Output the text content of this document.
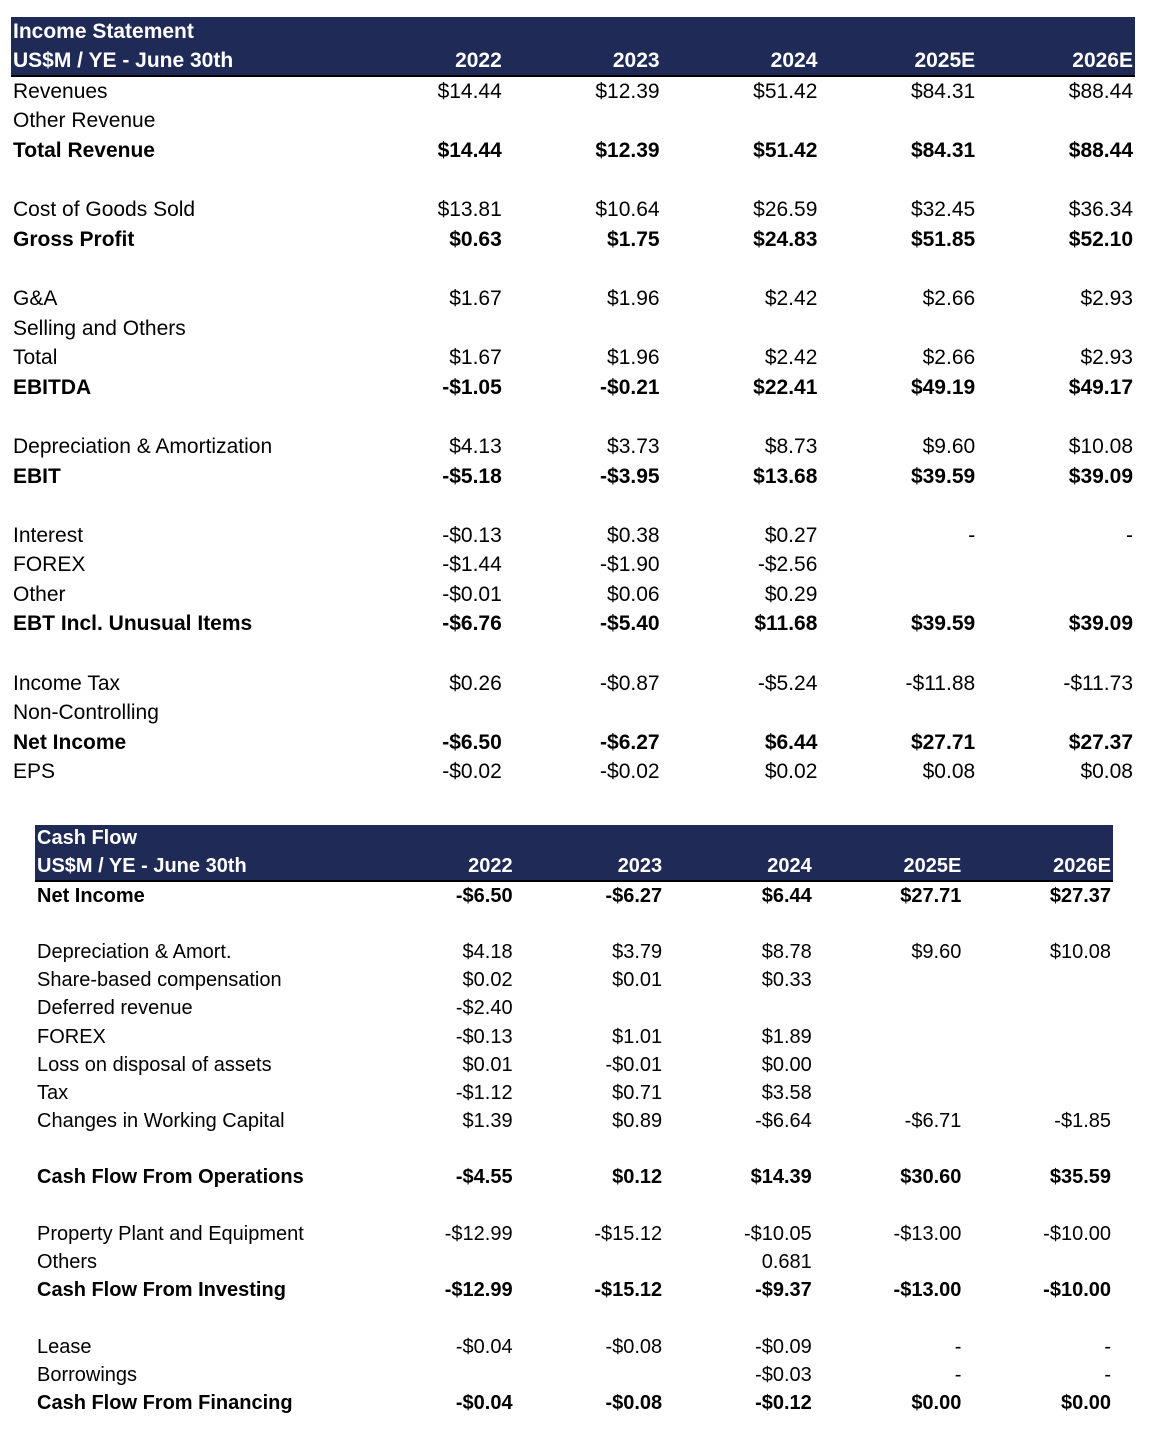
Income Statement					
US$M / YE - June 30th	2022	2023	2024	2025E	2026E
Revenues	$14.44	$12.39	$51.42	$84.31	$88.44
Other Revenue					
Total Revenue	$14.44	$12.39	$51.42	$84.31	$88.44

Cost of Goods Sold	$13.81	$10.64	$26.59	$32.45	$36.34
Gross Profit	$0.63	$1.75	$24.83	$51.85	$52.10

G&A	$1.67	$1.96	$2.42	$2.66	$2.93
Selling and Others					
Total	$1.67	$1.96	$2.42	$2.66	$2.93
EBITDA	-$1.05	-$0.21	$22.41	$49.19	$49.17

Depreciation & Amortization	$4.13	$3.73	$8.73	$9.60	$10.08
EBIT	-$5.18	-$3.95	$13.68	$39.59	$39.09

Interest	-$0.13	$0.38	$0.27	-	-
FOREX	-$1.44	-$1.90	-$2.56		
Other	-$0.01	$0.06	$0.29		
EBT Incl. Unusual Items	-$6.76	-$5.40	$11.68	$39.59	$39.09

Income Tax	$0.26	-$0.87	-$5.24	-$11.88	-$11.73
Non-Controlling					
Net Income	-$6.50	-$6.27	$6.44	$27.71	$27.37
EPS	-$0.02	-$0.02	$0.02	$0.08	$0.08
Cash Flow					
US$M / YE - June 30th	2022	2023	2024	2025E	2026E
Net Income	-$6.50	-$6.27	$6.44	$27.71	$27.37

Depreciation & Amort.	$4.18	$3.79	$8.78	$9.60	$10.08
Share-based compensation	$0.02	$0.01	$0.33		
Deferred revenue	-$2.40				
FOREX	-$0.13	$1.01	$1.89		
Loss on disposal of assets	$0.01	-$0.01	$0.00		
Tax	-$1.12	$0.71	$3.58		
Changes in Working Capital	$1.39	$0.89	-$6.64	-$6.71	-$1.85

Cash Flow From Operations	-$4.55	$0.12	$14.39	$30.60	$35.59

Property Plant and Equipment	-$12.99	-$15.12	-$10.05	-$13.00	-$10.00
Others			0.681		
Cash Flow From Investing	-$12.99	-$15.12	-$9.37	-$13.00	-$10.00

Lease	-$0.04	-$0.08	-$0.09	-	-
Borrowings			-$0.03	-	-
Cash Flow From Financing	-$0.04	-$0.08	-$0.12	$0.00	$0.00
